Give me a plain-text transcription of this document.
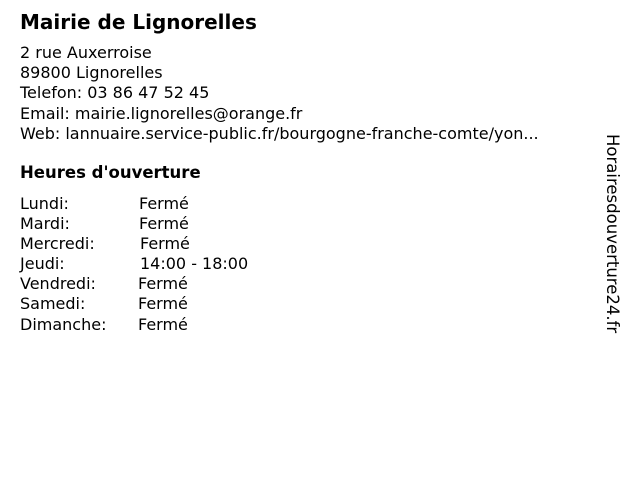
Mairie de Lignorelles
2 rue Auxerroise
89800 Lignorelles
Telefon: 03 86 47 52 45
Email: mairie.lignorelles@orange.fr
Web: lannuaire.service-public.fr/bourgogne-franche-comte/yon...
Heures d'ouverture
Lundi:	Fermé
Mardi:	Fermé
Mercredi:	Fermé
Jeudi:	14:00 - 18:00
Vendredi:	Fermé
Samedi:	Fermé
Dimanche: Fermé	Horairesdouverture24.fr
